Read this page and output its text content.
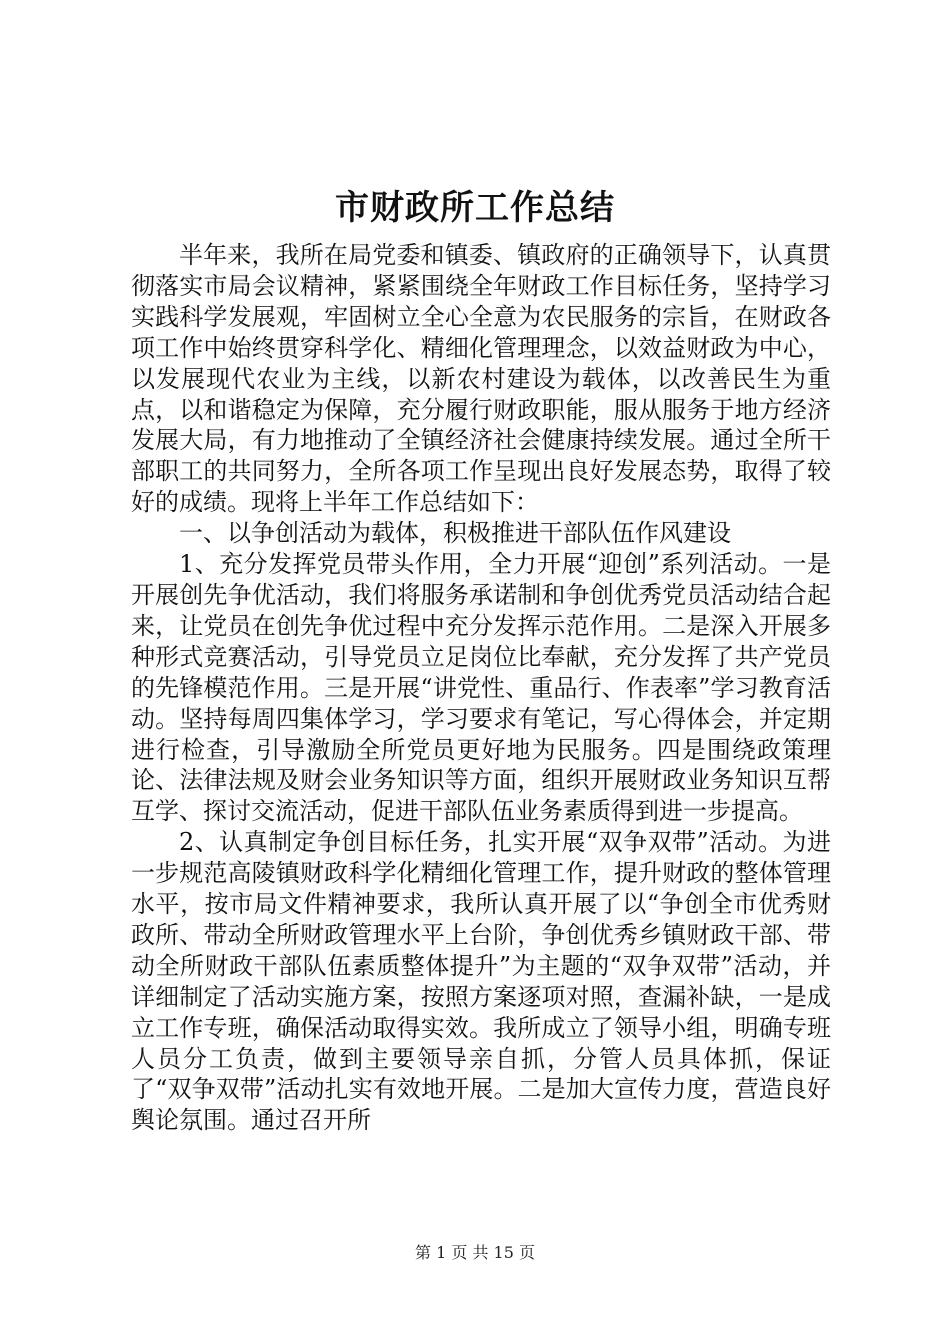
市财政所工作总结

半年来，我所在局党委和镇委、镇政府的正确领导下，认真贯彻落实市局会议精神，紧紧围绕全年财政工作目标任务，坚持学习实践科学发展观，牢固树立全心全意为农民服务的宗旨，在财政各项工作中始终贯穿科学化、精细化管理理念，以效益财政为中心，以发展现代农业为主线，以新农村建设为载体，以改善民生为重点，以和谐稳定为保障，充分履行财政职能，服从服务于地方经济发展大局，有力地推动了全镇经济社会健康持续发展。通过全所干部职工的共同努力，全所各项工作呈现出良好发展态势，取得了较好的成绩。现将上半年工作总结如下：

一、以争创活动为载体，积极推进干部队伍作风建设

1、充分发挥党员带头作用，全力开展“迎创”系列活动。一是开展创先争优活动，我们将服务承诺制和争创优秀党员活动结合起来，让党员在创先争优过程中充分发挥示范作用。二是深入开展多种形式竞赛活动，引导党员立足岗位比奉献，充分发挥了共产党员的先锋模范作用。三是开展“讲党性、重品行、作表率”学习教育活动。坚持每周四集体学习，学习要求有笔记，写心得体会，并定期进行检查，引导激励全所党员更好地为民服务。四是围绕政策理论、法律法规及财会业务知识等方面，组织开展财政业务知识互帮互学、探讨交流活动，促进干部队伍业务素质得到进一步提高。

2、认真制定争创目标任务，扎实开展“双争双带”活动。为进一步规范高陵镇财政科学化精细化管理工作，提升财政的整体管理水平，按市局文件精神要求，我所认真开展了以“争创全市优秀财政所、带动全所财政管理水平上台阶，争创优秀乡镇财政干部、带动全所财政干部队伍素质整体提升”为主题的“双争双带”活动，并详细制定了活动实施方案，按照方案逐项对照，查漏补缺，一是成立工作专班，确保活动取得实效。我所成立了领导小组，明确专班人员分工负责，做到主要领导亲自抓，分管人员具体抓，保证了“双争双带”活动扎实有效地开展。二是加大宣传力度，营造良好舆论氛围。通过召开所

第 1 页 共 15 页
